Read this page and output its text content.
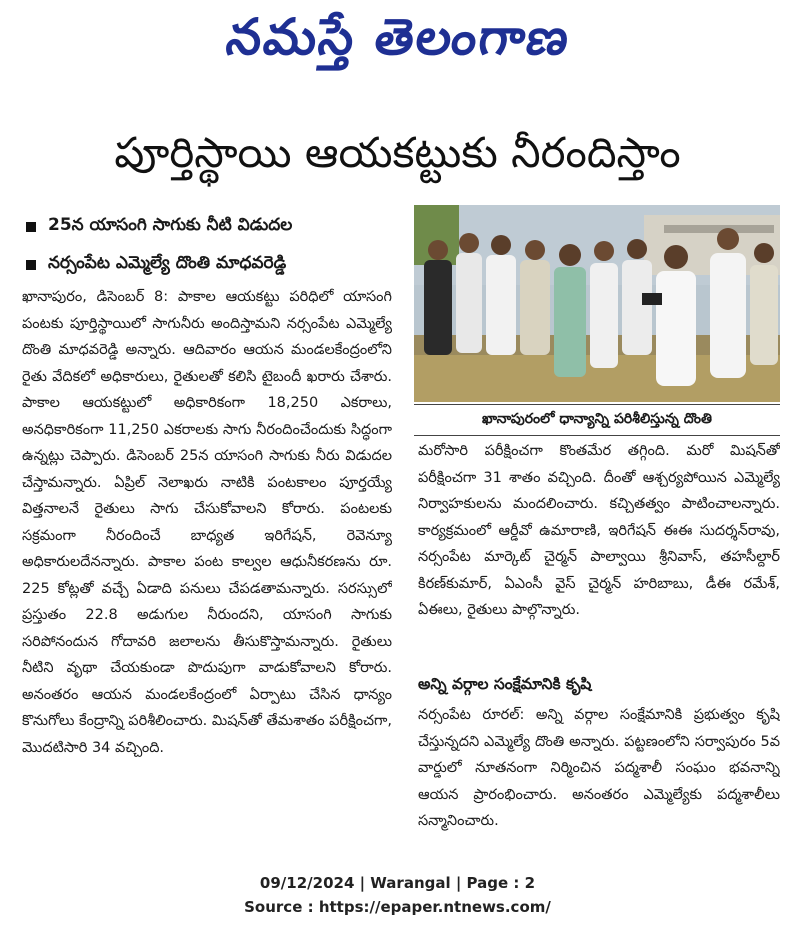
నమస్తే తెలంగాణ
పూర్తిస్థాయి ఆయకట్టుకు నీరందిస్తాం
25న యాసంగి సాగుకు నీటి విడుదల
నర్సంపేట ఎమ్మెల్యే దొంతి మాధవరెడ్డి
ఖానాపురం, డిసెంబర్ 8: పాకాల ఆయకట్టు పరిధిలో యాసంగి పంటకు పూర్తిస్థాయిలో సాగునీరు అందిస్తామని నర్సంపేట ఎమ్మెల్యే దొంతి మాధవరెడ్డి అన్నారు. ఆదివారం ఆయన మండలకేంద్రంలోని రైతు వేదికలో అధికారులు, రైతులతో కలిసి టైబందీ ఖరారు చేశారు. పాకాల ఆయకట్టులో అధికారికంగా 18,250 ఎకరాలు, అనధికారికంగా 11,250 ఎకరాలకు సాగు నీరందించేందుకు సిద్ధంగా ఉన్నట్లు చెప్పారు. డిసెంబర్ 25న యాసంగి సాగుకు నీరు విడుదల చేస్తామన్నారు. ఏప్రిల్ నెలాఖరు నాటికి పంటకాలం పూర్తయ్యే విత్తనాలనే రైతులు సాగు చేసుకోవాలని కోరారు. పంటలకు సక్రమంగా నీరందించే బాధ్యత ఇరిగేషన్, రెవెన్యూ అధికారులదేనన్నారు. పాకాల పంట కాల్వల ఆధునీకరణను రూ. 225 కోట్లతో వచ్చే ఏడాది పనులు చేపడతామన్నారు. సరస్సులో ప్రస్తుతం 22.8 అడుగుల నీరుందని, యాసంగి సాగుకు సరిపోనందున గోదావరి జలాలను తీసుకొస్తామన్నారు. రైతులు నీటిని వృథా చేయకుండా పొదుపుగా వాడుకోవాలని కోరారు. అనంతరం ఆయన మండలకేంద్రంలో ఏర్పాటు చేసిన ధాన్యం కొనుగోలు కేంద్రాన్ని పరిశీలించారు. మిషన్‌తో తేమశాతం పరీక్షించగా, మొదటిసారి 34 వచ్చింది.
ఖానాపురంలో ధాన్యాన్ని పరిశీలిస్తున్న దొంతి
మరోసారి పరీక్షించగా కొంతమేర తగ్గింది. మరో మిషన్‌తో పరీక్షించగా 31 శాతం వచ్చింది. దీంతో ఆశ్చర్యపోయిన ఎమ్మెల్యే నిర్వాహకులను మందలించారు. కచ్చితత్వం పాటించాలన్నారు. కార్యక్రమంలో ఆర్డీవో ఉమారాణి, ఇరిగేషన్ ఈఈ సుదర్శన్‌రావు, నర్సంపేట మార్కెట్ చైర్మన్ పాల్వాయి శ్రీనివాస్, తహసీల్దార్ కిరణ్‌కుమార్, ఏఎంసీ వైస్ చైర్మన్ హరిబాబు, డీఈ రమేశ్, ఏఈలు, రైతులు పాల్గొన్నారు.
అన్ని వర్గాల సంక్షేమానికి కృషి
నర్సంపేట రూరల్: అన్ని వర్గాల సంక్షేమానికి ప్రభుత్వం కృషి చేస్తున్నదని ఎమ్మెల్యే దొంతి అన్నారు. పట్టణంలోని సర్వాపురం 5వ వార్డులో నూతనంగా నిర్మించిన పద్మశాలీ సంఘం భవనాన్ని ఆయన ప్రారంభించారు. అనంతరం ఎమ్మెల్యేకు పద్మశాలీలు సన్మానించారు.
09/12/2024 | Warangal | Page : 2
Source : https://epaper.ntnews.com/
